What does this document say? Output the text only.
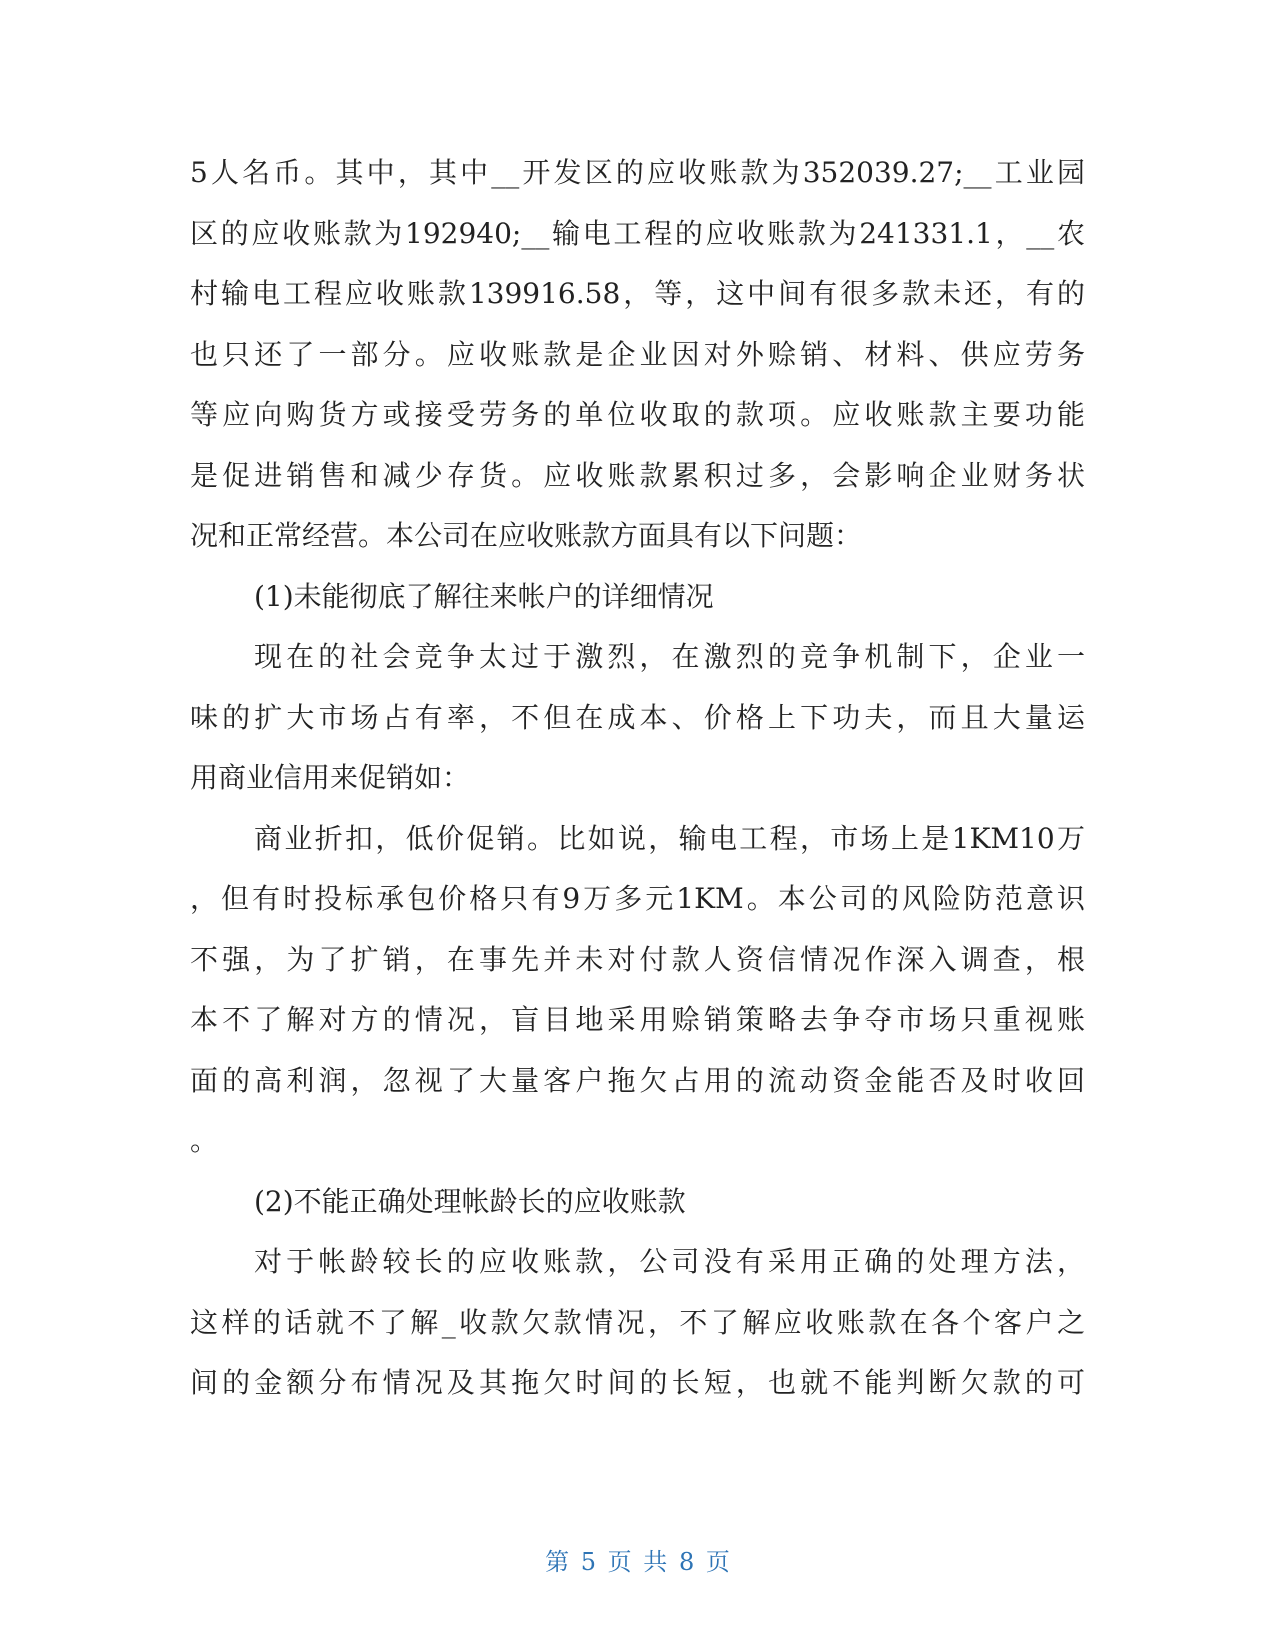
5人名币。其中，其中__开发区的应收账款为352039.27;__工业园
区的应收账款为192940;__输电工程的应收账款为241331.1，__农
村输电工程应收账款139916.58，等，这中间有很多款未还，有的
也只还了一部分。应收账款是企业因对外赊销、材料、供应劳务
等应向购货方或接受劳务的单位收取的款项。应收账款主要功能
是促进销售和减少存货。应收账款累积过多，会影响企业财务状
况和正常经营。本公司在应收账款方面具有以下问题：
(1)未能彻底了解往来帐户的详细情况
现在的社会竞争太过于激烈，在激烈的竞争机制下，企业一
味的扩大市场占有率，不但在成本、价格上下功夫，而且大量运
用商业信用来促销如：
商业折扣，低价促销。比如说，输电工程，市场上是1KM10万
，但有时投标承包价格只有9万多元1KM。本公司的风险防范意识
不强，为了扩销，在事先并未对付款人资信情况作深入调查，根
本不了解对方的情况，盲目地采用赊销策略去争夺市场只重视账
面的高利润，忽视了大量客户拖欠占用的流动资金能否及时收回
。
(2)不能正确处理帐龄长的应收账款
对于帐龄较长的应收账款，公司没有采用正确的处理方法，
这样的话就不了解_收款欠款情况，不了解应收账款在各个客户之
间的金额分布情况及其拖欠时间的长短，也就不能判断欠款的可
第 5 页 共 8 页
